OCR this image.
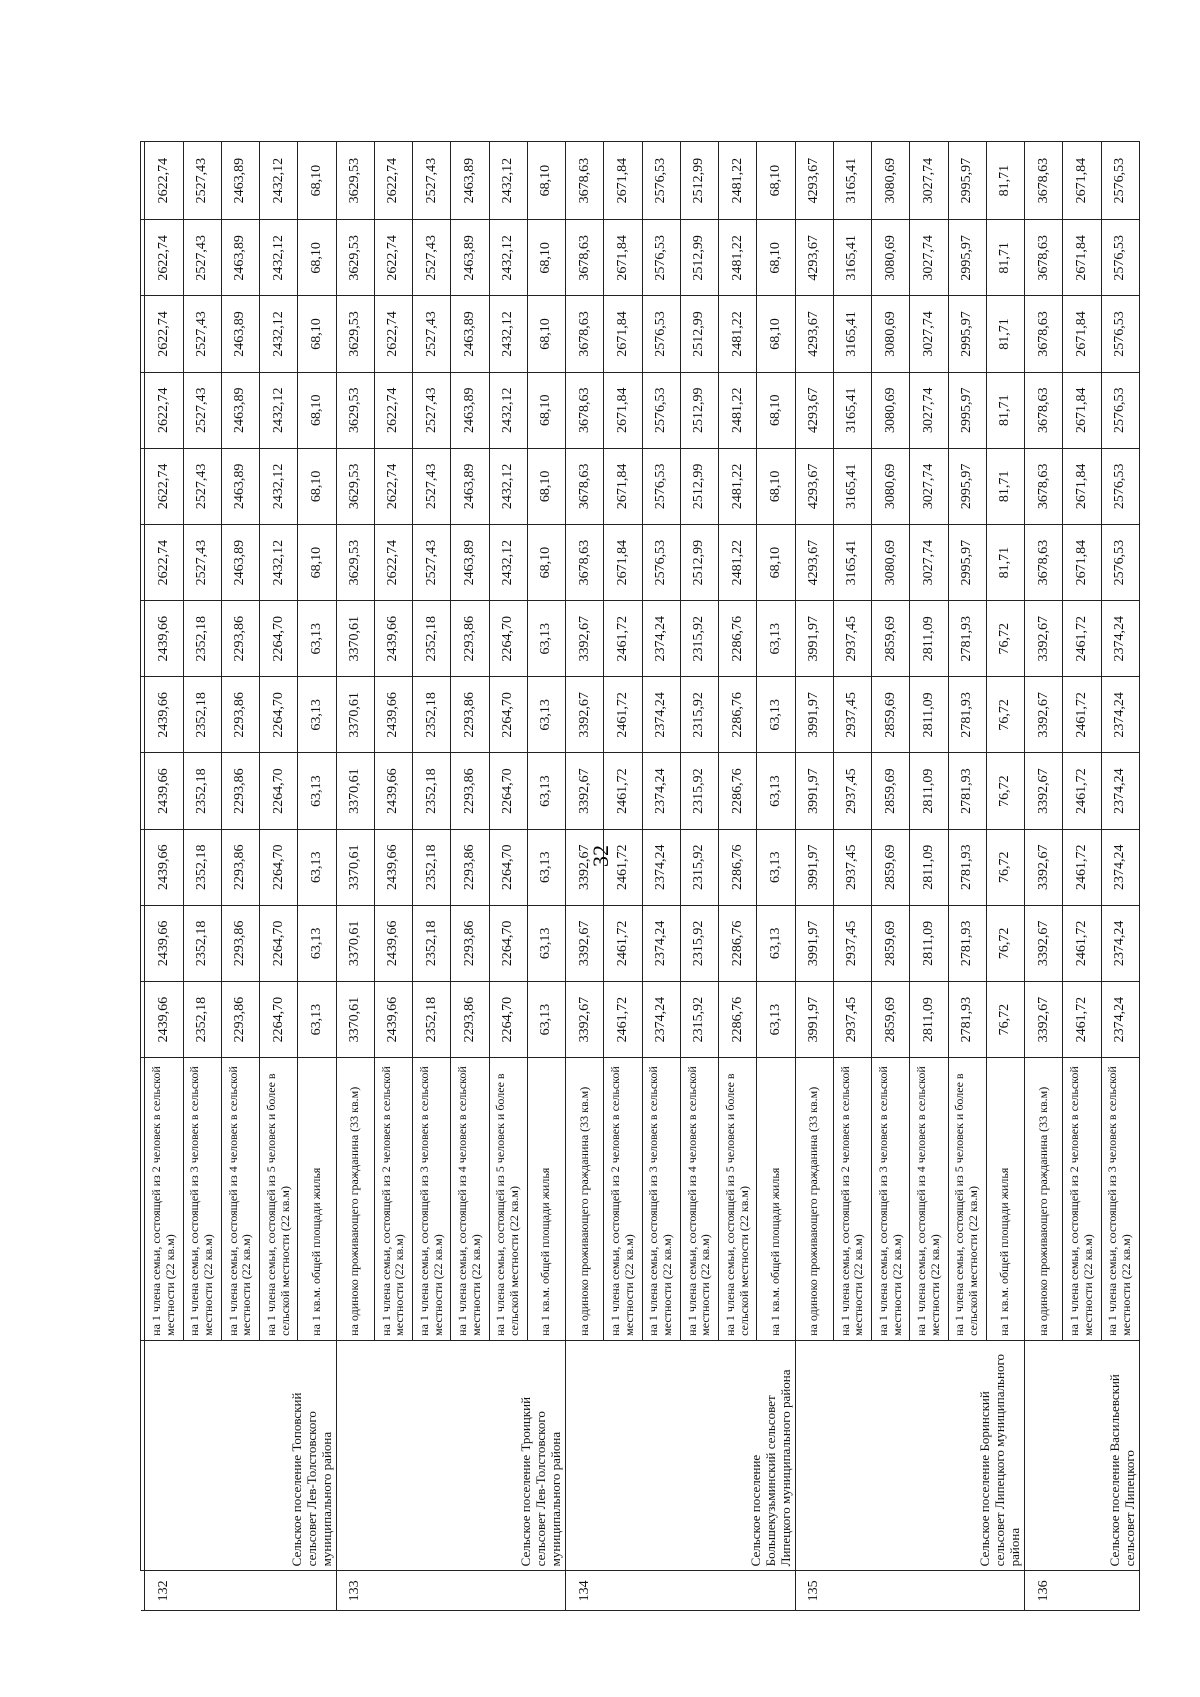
	132	Сельское поселение Топовский сельсовет Лев-Толстовского муниципального района	на 1 члена семьи, состоящей из 2 человек в сельской местности (22 кв.м)	2439,66	2439,66	2439,66	2439,66	2439,66	2439,66	2622,74	2622,74	2622,74	2622,74	2622,74	2622,74
			на 1 члена семьи, состоящей из 3 человек в сельской местности (22 кв.м)	2352,18	2352,18	2352,18	2352,18	2352,18	2352,18	2527,43	2527,43	2527,43	2527,43	2527,43	2527,43
			на 1 члена семьи, состоящей из 4 человек в сельской местности (22 кв.м)	2293,86	2293,86	2293,86	2293,86	2293,86	2293,86	2463,89	2463,89	2463,89	2463,89	2463,89	2463,89
			на 1 члена семьи, состоящей из 5 человек и более в сельской местности (22 кв.м)	2264,70	2264,70	2264,70	2264,70	2264,70	2264,70	2432,12	2432,12	2432,12	2432,12	2432,12	2432,12
			на 1 кв.м. общей площади жилья	63,13	63,13	63,13	63,13	63,13	63,13	68,10	68,10	68,10	68,10	68,10	68,10
	133	Сельское поселение Троицкий сельсовет Лев-Толстовского муниципального района	на одиноко проживающего гражданина (33 кв.м)	3370,61	3370,61	3370,61	3370,61	3370,61	3370,61	3629,53	3629,53	3629,53	3629,53	3629,53	3629,53
			на 1 члена семьи, состоящей из 2 человек в сельской местности (22 кв.м)	2439,66	2439,66	2439,66	2439,66	2439,66	2439,66	2622,74	2622,74	2622,74	2622,74	2622,74	2622,74
			на 1 члена семьи, состоящей из 3 человек в сельской местности (22 кв.м)	2352,18	2352,18	2352,18	2352,18	2352,18	2352,18	2527,43	2527,43	2527,43	2527,43	2527,43	2527,43
			на 1 члена семьи, состоящей из 4 человек в сельской местности (22 кв.м)	2293,86	2293,86	2293,86	2293,86	2293,86	2293,86	2463,89	2463,89	2463,89	2463,89	2463,89	2463,89
			на 1 члена семьи, состоящей из 5 человек и более в сельской местности (22 кв.м)	2264,70	2264,70	2264,70	2264,70	2264,70	2264,70	2432,12	2432,12	2432,12	2432,12	2432,12	2432,12
			на 1 кв.м. общей площади жилья	63,13	63,13	63,13	63,13	63,13	63,13	68,10	68,10	68,10	68,10	68,10	68,10
	134	Сельское поселение Большекузьминский сельсовет Липецкого муниципального района	на одиноко проживающего гражданина (33 кв.м)	3392,67	3392,67	3392,67	3392,67	3392,67	3392,67	3678,63	3678,63	3678,63	3678,63	3678,63	3678,63
			на 1 члена семьи, состоящей из 2 человек в сельской местности (22 кв.м)	2461,72	2461,72	2461,72	2461,72	2461,72	2461,72	2671,84	2671,84	2671,84	2671,84	2671,84	2671,84
			на 1 члена семьи, состоящей из 3 человек в сельской местности (22 кв.м)	2374,24	2374,24	2374,24	2374,24	2374,24	2374,24	2576,53	2576,53	2576,53	2576,53	2576,53	2576,53
			на 1 члена семьи, состоящей из 4 человек в сельской местности (22 кв.м)	2315,92	2315,92	2315,92	2315,92	2315,92	2315,92	2512,99	2512,99	2512,99	2512,99	2512,99	2512,99
			на 1 члена семьи, состоящей из 5 человек и более в сельской местности (22 кв.м)	2286,76	2286,76	2286,76	2286,76	2286,76	2286,76	2481,22	2481,22	2481,22	2481,22	2481,22	2481,22
			на 1 кв.м. общей площади жилья	63,13	63,13	63,13	63,13	63,13	63,13	68,10	68,10	68,10	68,10	68,10	68,10
	135	Сельское поселение Боринский сельсовет Липецкого муниципального района	на одиноко проживающего гражданина (33 кв.м)	3991,97	3991,97	3991,97	3991,97	3991,97	3991,97	4293,67	4293,67	4293,67	4293,67	4293,67	4293,67
			на 1 члена семьи, состоящей из 2 человек в сельской местности (22 кв.м)	2937,45	2937,45	2937,45	2937,45	2937,45	2937,45	3165,41	3165,41	3165,41	3165,41	3165,41	3165,41
			на 1 члена семьи, состоящей из 3 человек в сельской местности (22 кв.м)	2859,69	2859,69	2859,69	2859,69	2859,69	2859,69	3080,69	3080,69	3080,69	3080,69	3080,69	3080,69
			на 1 члена семьи, состоящей из 4 человек в сельской местности (22 кв.м)	2811,09	2811,09	2811,09	2811,09	2811,09	2811,09	3027,74	3027,74	3027,74	3027,74	3027,74	3027,74
			на 1 члена семьи, состоящей из 5 человек и более в сельской местности (22 кв.м)	2781,93	2781,93	2781,93	2781,93	2781,93	2781,93	2995,97	2995,97	2995,97	2995,97	2995,97	2995,97
			на 1 кв.м. общей площади жилья	76,72	76,72	76,72	76,72	76,72	76,72	81,71	81,71	81,71	81,71	81,71	81,71
	136	Сельское поселение Васильевский сельсовет Липецкого	на одиноко проживающего гражданина (33 кв.м)	3392,67	3392,67	3392,67	3392,67	3392,67	3392,67	3678,63	3678,63	3678,63	3678,63	3678,63	3678,63
			на 1 члена семьи, состоящей из 2 человек в сельской местности (22 кв.м)	2461,72	2461,72	2461,72	2461,72	2461,72	2461,72	2671,84	2671,84	2671,84	2671,84	2671,84	2671,84
			на 1 члена семьи, состоящей из 3 человек в сельской местности (22 кв.м)	2374,24	2374,24	2374,24	2374,24	2374,24	2374,24	2576,53	2576,53	2576,53	2576,53	2576,53	2576,53
32
